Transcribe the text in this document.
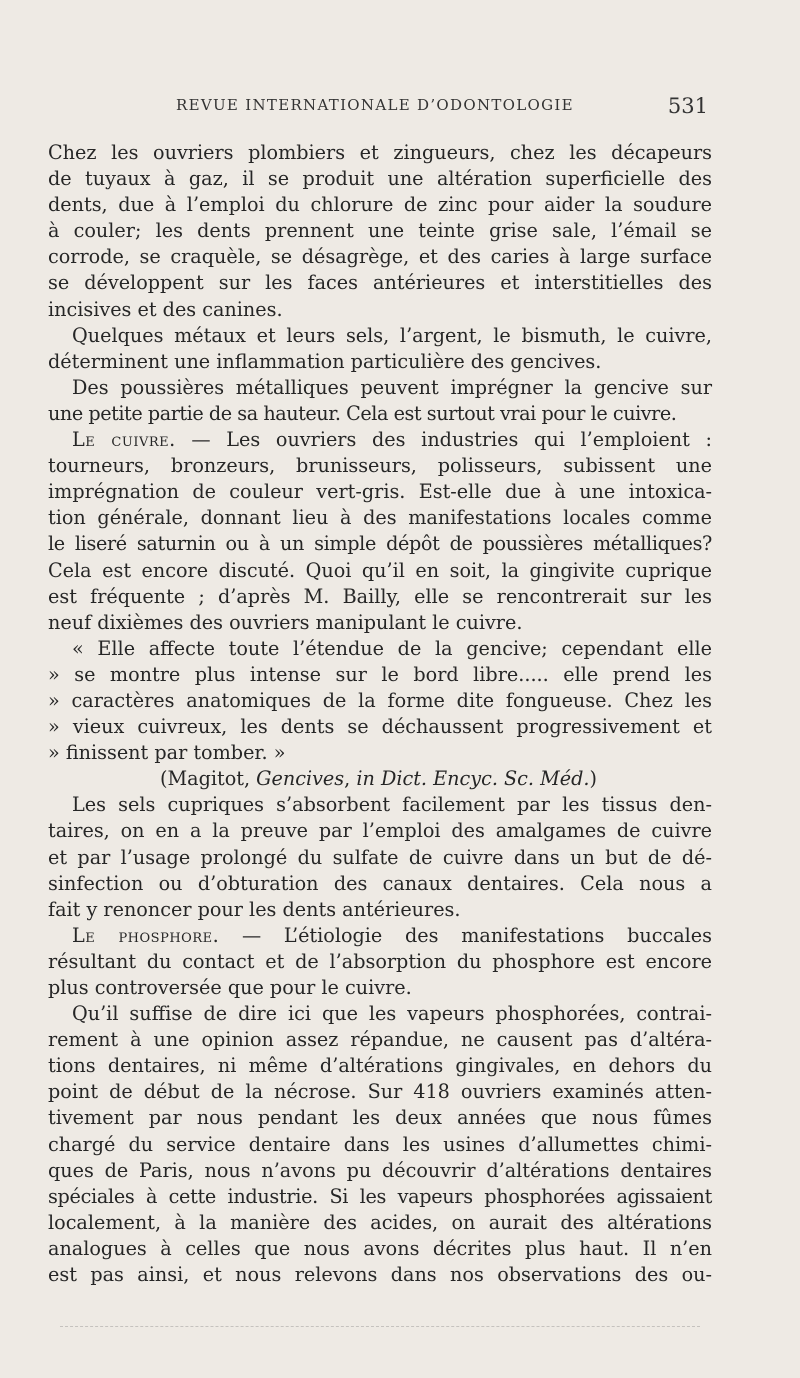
REVUE INTERNATIONALE D’ODONTOLOGIE	531
Chez les ouvriers plombiers et zingueurs, chez les décapeurs
de tuyaux à gaz, il se produit une altération superficielle des
dents, due à l’emploi du chlorure de zinc pour aider la soudure
à couler; les dents prennent une teinte grise sale, l’émail se
corrode, se craquèle, se désagrège, et des caries à large surface
se développent sur les faces antérieures et interstitielles des
incisives et des canines.
Quelques métaux et leurs sels, l’argent, le bismuth, le cuivre,
déterminent une inflammation particulière des gencives.
Des poussières métalliques peuvent imprégner la gencive sur
une petite partie de sa hauteur. Cela est surtout vrai pour le cuivre.
Le cuivre. — Les ouvriers des industries qui l’emploient :
tourneurs, bronzeurs, brunisseurs, polisseurs, subissent une
imprégnation de couleur vert-gris. Est-elle due à une intoxica-
tion générale, donnant lieu à des manifestations locales comme
le liseré saturnin ou à un simple dépôt de poussières métalliques?
Cela est encore discuté. Quoi qu’il en soit, la gingivite cuprique
est fréquente ; d’après M. Bailly, elle se rencontrerait sur les
neuf dixièmes des ouvriers manipulant le cuivre.
« Elle affecte toute l’étendue de la gencive; cependant elle
» se montre plus intense sur le bord libre..... elle prend les
» caractères anatomiques de la forme dite fongueuse. Chez les
» vieux cuivreux, les dents se déchaussent progressivement et
» finissent par tomber. »
(Magitot, Gencives, in Dict. Encyc. Sc. Méd.)
Les sels cupriques s’absorbent facilement par les tissus den-
taires, on en a la preuve par l’emploi des amalgames de cuivre
et par l’usage prolongé du sulfate de cuivre dans un but de dé-
sinfection ou d’obturation des canaux dentaires. Cela nous a
fait y renoncer pour les dents antérieures.
Le phosphore. — L’étiologie des manifestations buccales
résultant du contact et de l’absorption du phosphore est encore
plus controversée que pour le cuivre.
Qu’il suffise de dire ici que les vapeurs phosphorées, contrai-
rement à une opinion assez répandue, ne causent pas d’altéra-
tions dentaires, ni même d’altérations gingivales, en dehors du
point de début de la nécrose. Sur 418 ouvriers examinés atten-
tivement par nous pendant les deux années que nous fûmes
chargé du service dentaire dans les usines d’allumettes chimi-
ques de Paris, nous n’avons pu découvrir d’altérations dentaires
spéciales à cette industrie. Si les vapeurs phosphorées agissaient
localement, à la manière des acides, on aurait des altérations
analogues à celles que nous avons décrites plus haut. Il n’en
est pas ainsi, et nous relevons dans nos observations des ou-
